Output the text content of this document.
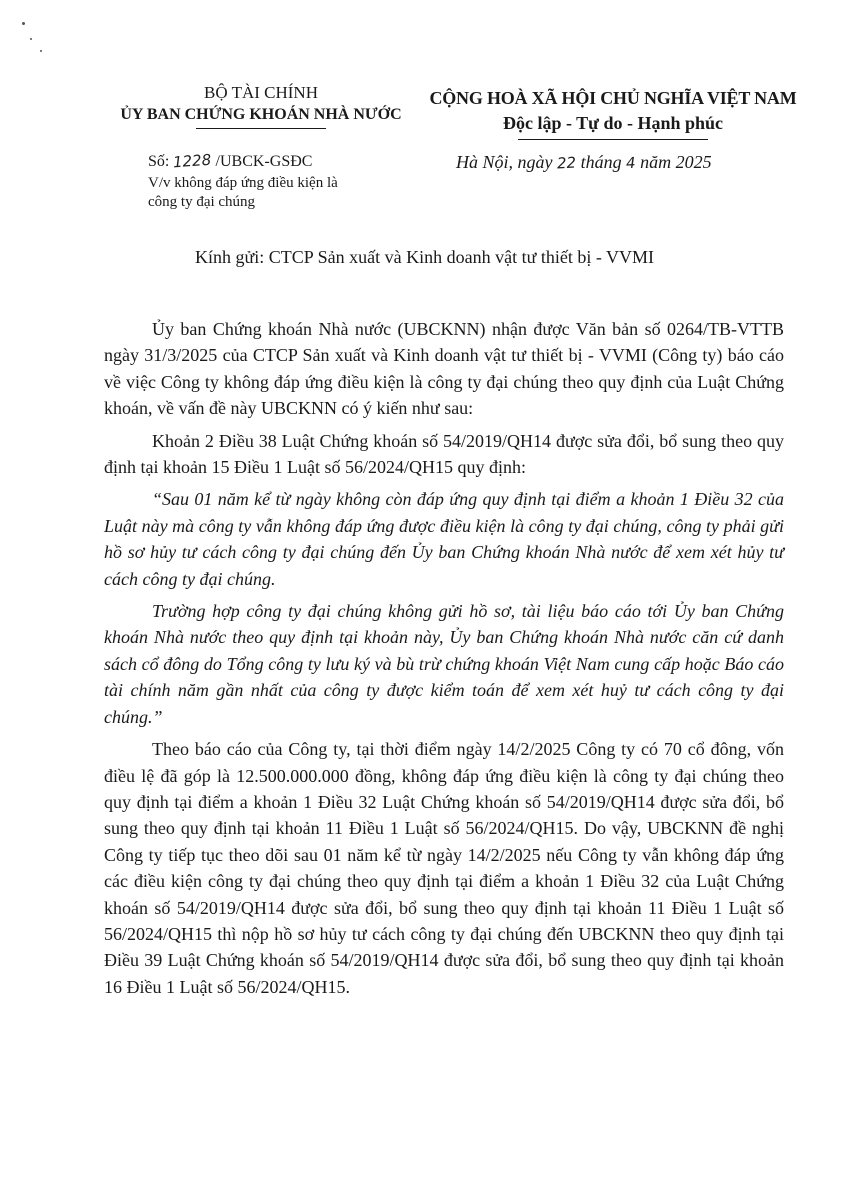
BỘ TÀI CHÍNH
ỦY BAN CHỨNG KHOÁN NHÀ NƯỚC
Số: 1228 /UBCK-GSĐC
V/v không đáp ứng điều kiện là
công ty đại chúng
CỘNG HOÀ XÃ HỘI CHỦ NGHĨA VIỆT NAM
Độc lập - Tự do - Hạnh phúc
Hà Nội, ngày 22 tháng 4 năm 2025
Kính gửi: CTCP Sản xuất và Kinh doanh vật tư thiết bị - VVMI

Ủy ban Chứng khoán Nhà nước (UBCKNN) nhận được Văn bản số 0264/TB-VTTB ngày 31/3/2025 của CTCP Sản xuất và Kinh doanh vật tư thiết bị - VVMI (Công ty) báo cáo về việc Công ty không đáp ứng điều kiện là công ty đại chúng theo quy định của Luật Chứng khoán, về vấn đề này UBCKNN có ý kiến như sau:

Khoản 2 Điều 38 Luật Chứng khoán số 54/2019/QH14 được sửa đổi, bổ sung theo quy định tại khoản 15 Điều 1 Luật số 56/2024/QH15 quy định:

“Sau 01 năm kể từ ngày không còn đáp ứng quy định tại điểm a khoản 1 Điều 32 của Luật này mà công ty vẫn không đáp ứng được điều kiện là công ty đại chúng, công ty phải gửi hồ sơ hủy tư cách công ty đại chúng đến Ủy ban Chứng khoán Nhà nước để xem xét hủy tư cách công ty đại chúng.

Trường hợp công ty đại chúng không gửi hồ sơ, tài liệu báo cáo tới Ủy ban Chứng khoán Nhà nước theo quy định tại khoản này, Ủy ban Chứng khoán Nhà nước căn cứ danh sách cổ đông do Tổng công ty lưu ký và bù trừ chứng khoán Việt Nam cung cấp hoặc Báo cáo tài chính năm gần nhất của công ty được kiểm toán để xem xét huỷ tư cách công ty đại chúng.”

Theo báo cáo của Công ty, tại thời điểm ngày 14/2/2025 Công ty có 70 cổ đông, vốn điều lệ đã góp là 12.500.000.000 đồng, không đáp ứng điều kiện là công ty đại chúng theo quy định tại điểm a khoản 1 Điều 32 Luật Chứng khoán số 54/2019/QH14 được sửa đổi, bổ sung theo quy định tại khoản 11 Điều 1 Luật số 56/2024/QH15. Do vậy, UBCKNN đề nghị Công ty tiếp tục theo dõi sau 01 năm kể từ ngày 14/2/2025 nếu Công ty vẫn không đáp ứng các điều kiện công ty đại chúng theo quy định tại điểm a khoản 1 Điều 32 của Luật Chứng khoán số 54/2019/QH14 được sửa đổi, bổ sung theo quy định tại khoản 11 Điều 1 Luật số 56/2024/QH15 thì nộp hồ sơ hủy tư cách công ty đại chúng đến UBCKNN theo quy định tại Điều 39 Luật Chứng khoán số 54/2019/QH14 được sửa đổi, bổ sung theo quy định tại khoản 16 Điều 1 Luật số 56/2024/QH15.
